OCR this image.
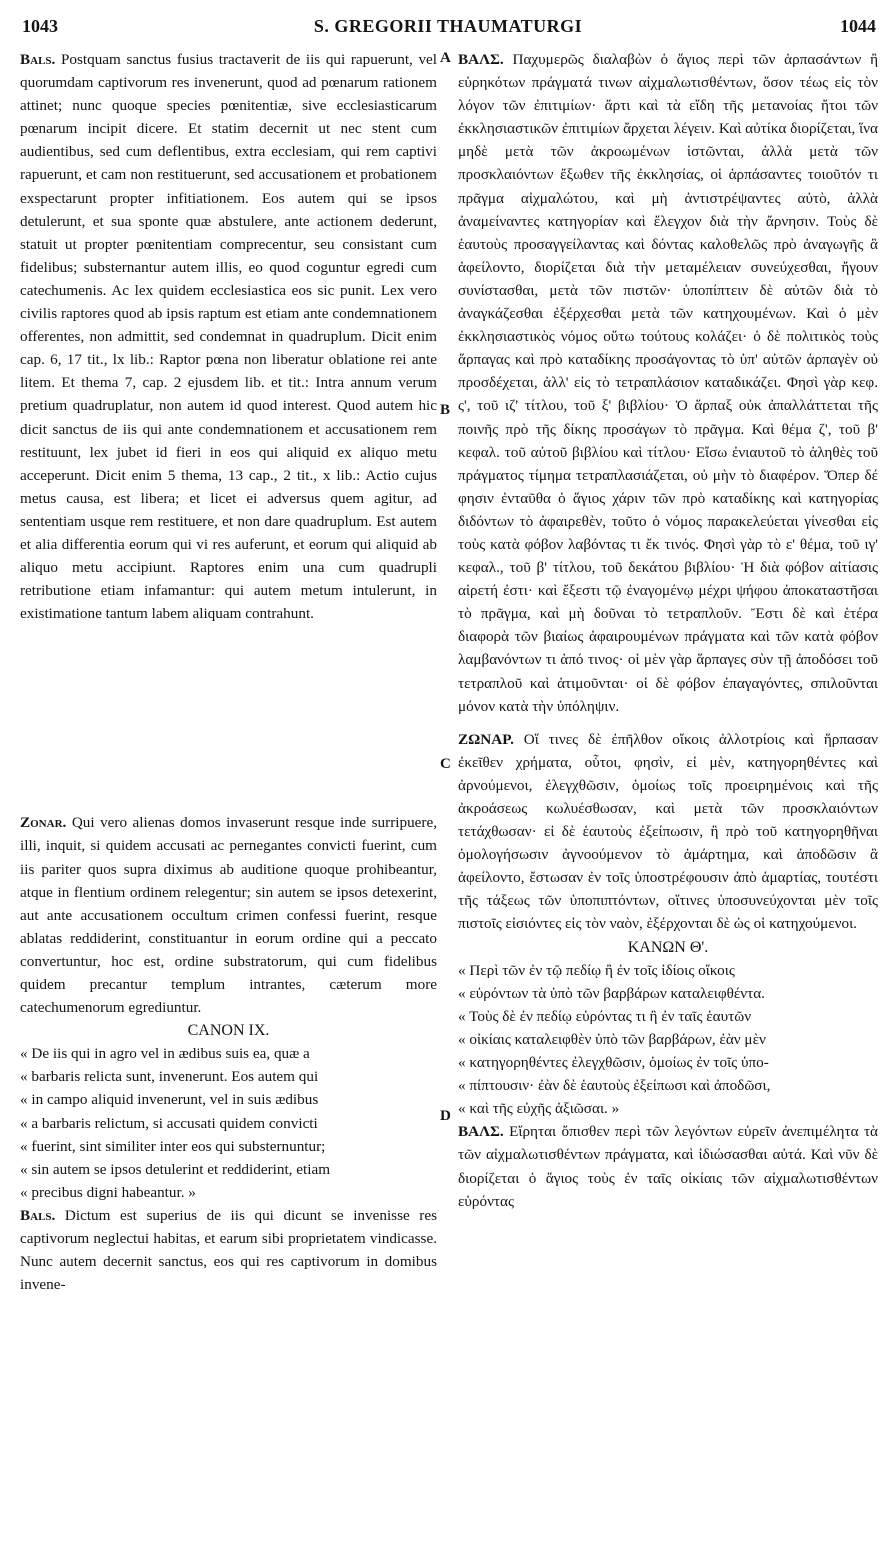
1043	S. GREGORII THAUMATURGI	1044
A
B
C
D

Bals. Postquam sanctus fusius tractaverit de iis qui rapuerunt, vel quorumdam captivorum res invenerunt, quod ad pœnarum rationem attinet; nunc quoque species pœnitentiæ, sive ecclesiasticarum pœnarum incipit dicere. Et statim decernit ut nec stent cum audientibus, sed cum deflentibus, extra ecclesiam, qui rem captivi rapuerunt, et cam non restituerunt, sed accusationem et probationem exspectarunt propter infitiationem. Eos autem qui se ipsos detulerunt, et sua sponte quæ abstulere, ante actionem dederunt, statuit ut propter pœnitentiam comprecentur, seu consistant cum fidelibus; substernantur autem illis, eo quod coguntur egredi cum catechumenis. Ac lex quidem ecclesiastica eos sic punit. Lex vero civilis raptores quod ab ipsis raptum est etiam ante condemnationem offerentes, non admittit, sed condemnat in quadruplum. Dicit enim cap. 6, 17 tit., lx lib.: Raptor pœna non liberatur oblatione rei ante litem. Et thema 7, cap. 2 ejusdem lib. et tit.: Intra annum verum pretium quadruplatur, non autem id quod interest. Quod autem hic dicit sanctus de iis qui ante condemnationem et accusationem rem restituunt, lex jubet id fieri in eos qui aliquid ex aliquo metu acceperunt. Dicit enim 5 thema, 13 cap., 2 tit., x lib.: Actio cujus metus causa, est libera; et licet ei adversus quem agitur, ad sententiam usque rem restituere, et non dare quadruplum. Est autem et alia differentia eorum qui vi res auferunt, et eorum qui aliquid ab aliquo metu accipiunt. Raptores enim una cum quadrupli retributione etiam infamantur: qui autem metum intulerunt, in existimatione tantum labem aliquam contrahunt.

Zonar. Qui vero alienas domos invaserunt resque inde surripuere, illi, inquit, si quidem accusati ac pernegantes convicti fuerint, cum iis pariter quos supra diximus ab auditione quoque prohibeantur, atque in flentium ordinem relegentur; sin autem se ipsos detexerint, aut ante accusationem occultum crimen confessi fuerint, resque ablatas reddiderint, constituantur in eorum ordine qui a peccato convertuntur, hoc est, ordine substratorum, qui cum fidelibus quidem precantur templum intrantes, cæterum more catechumenorum egrediuntur.

CANON IX.

« De iis qui in agro vel in ædibus suis ea, quæ a
« barbaris relicta sunt, invenerunt. Eos autem qui
« in campo aliquid invenerunt, vel in suis ædibus
« a barbaris relictum, si accusati quidem convicti
« fuerint, sint similiter inter eos qui substernuntur;
« sin autem se ipsos detulerint et reddiderint, etiam
« precibus digni habeantur. »

Bals. Dictum est superius de iis qui dicunt se invenisse res captivorum neglectui habitas, et earum sibi proprietatem vindicasse. Nunc autem decernit sanctus, eos qui res captivorum in domibus invene-

ΒΑΛΣ. Παχυμερῶς διαλαβὼν ὁ ἅγιος περὶ τῶν ἁρπασάντων ἢ εὑρηκότων πράγματά τινων αἰχμαλωτισθέντων, ὅσον τέως εἰς τὸν λόγον τῶν ἐπιτιμίων· ἄρτι καὶ τὰ εἴδη τῆς μετανοίας ἤτοι τῶν ἐκκλησιαστικῶν ἐπιτιμίων ἄρχεται λέγειν. Καὶ αὐτίκα διορίζεται, ἵνα μηδὲ μετὰ τῶν ἀκροωμένων ἱστῶνται, ἀλλὰ μετὰ τῶν προσκλαιόντων ἔξωθεν τῆς ἐκκλησίας, οἱ ἁρπάσαντες τοιοῦτόν τι πρᾶγμα αἰχμαλώτου, καὶ μὴ ἀντιστρέψαντες αὐτὸ, ἀλλὰ ἀναμείναντες κατηγορίαν καὶ ἔλεγχον διὰ τὴν ἄρνησιν. Τοὺς δὲ ἑαυτοὺς προσαγγείλαντας καὶ δόντας καλοθελῶς πρὸ ἀναγωγῆς ἃ ἀφείλοντο, διορίζεται διὰ τὴν μεταμέλειαν συνεύχεσθαι, ἤγουν συνίστασθαι, μετὰ τῶν πιστῶν· ὑποπίπτειν δὲ αὐτῶν διὰ τὸ ἀναγκάζεσθαι ἐξέρχεσθαι μετὰ τῶν κατηχουμένων. Καὶ ὁ μὲν ἐκκλησιαστικὸς νόμος οὕτω τούτους κολάζει· ὁ δὲ πολιτικὸς τοὺς ἅρπαγας καὶ πρὸ καταδίκης προσάγοντας τὸ ὑπ' αὐτῶν ἁρπαγὲν οὐ προσδέχεται, ἀλλ' εἰς τὸ τετραπλάσιον καταδικάζει. Φησὶ γὰρ κεφ. ς', τοῦ ιζ' τίτλου, τοῦ ξ' βιβλίου· Ὁ ἅρπαξ οὐκ ἀπαλλάττεται τῆς ποινῆς πρὸ τῆς δίκης προσάγων τὸ πρᾶγμα. Καὶ θέμα ζ', τοῦ β' κεφαλ. τοῦ αὐτοῦ βιβλίου καὶ τίτλου· Εἴσω ἐνιαυτοῦ τὸ ἀληθὲς τοῦ πράγματος τίμημα τετραπλασιάζεται, οὐ μὴν τὸ διαφέρον. Ὅπερ δέ φησιν ἐνταῦθα ὁ ἅγιος χάριν τῶν πρὸ καταδίκης καὶ κατηγορίας διδόντων τὸ ἀφαιρεθὲν, τοῦτο ὁ νόμος παρακελεύεται γίνεσθαι εἰς τοὺς κατὰ φόβον λαβόντας τι ἔκ τινός. Φησὶ γὰρ τὸ ε' θέμα, τοῦ ιγ' κεφαλ., τοῦ β' τίτλου, τοῦ δεκάτου βιβλίου· Ἡ διὰ φόβον αἰτίασις αἱρετή ἐστι· καὶ ἔξεστι τῷ ἐναγομένῳ μέχρι ψήφου ἀποκαταστῆσαι τὸ πρᾶγμα, καὶ μὴ δοῦναι τὸ τετραπλοῦν. Ἔστι δὲ καὶ ἑτέρα διαφορὰ τῶν βιαίως ἀφαιρουμένων πράγματα καὶ τῶν κατὰ φόβον λαμβανόντων τι ἀπό τινος· οἱ μὲν γὰρ ἅρπαγες σὺν τῇ ἀποδόσει τοῦ τετραπλοῦ καὶ ἀτιμοῦνται· οἱ δὲ φόβον ἐπαγαγόντες, σπιλοῦνται μόνον κατὰ τὴν ὑπόληψιν.

ΖΩΝΑΡ. Οἵ τινες δὲ ἐπῆλθον οἴκοις ἀλλοτρίοις καὶ ἥρπασαν ἐκεῖθεν χρήματα, οὗτοι, φησὶν, εἰ μὲν, κατηγορηθέντες καὶ ἀρνούμενοι, ἐλεγχθῶσιν, ὁμοίως τοῖς προειρημένοις καὶ τῆς ἀκροάσεως κωλυέσθωσαν, καὶ μετὰ τῶν προσκλαιόντων τετάχθωσαν· εἰ δὲ ἑαυτοὺς ἐξείπωσιν, ἢ πρὸ τοῦ κατηγορηθῆναι ὁμολογήσωσιν ἀγνοούμενον τὸ ἁμάρτημα, καὶ ἀποδῶσιν ἃ ἀφείλοντο, ἔστωσαν ἐν τοῖς ὑποστρέφουσιν ἀπὸ ἁμαρτίας, τουτέστι τῆς τάξεως τῶν ὑποπιπτόντων, οἵτινες ὑποσυνεύχονται μὲν τοῖς πιστοῖς εἰσιόντες εἰς τὸν ναὸν, ἐξέρχονται δὲ ὡς οἱ κατηχούμενοι.

ΚΑΝΩΝ Θ'.

« Περὶ τῶν ἐν τῷ πεδίῳ ἢ ἐν τοῖς ἰδίοις οἴκοις
« εὑρόντων τὰ ὑπὸ τῶν βαρβάρων καταλειφθέντα.
« Τοὺς δὲ ἐν πεδίῳ εὑρόντας τι ἢ ἐν ταῖς ἑαυτῶν
« οἰκίαις καταλειφθὲν ὑπὸ τῶν βαρβάρων, ἐὰν μὲν
« κατηγορηθέντες ἐλεγχθῶσιν, ὁμοίως ἐν τοῖς ὑπο-
« πίπτουσιν· ἐὰν δὲ ἑαυτοὺς ἐξείπωσι καὶ ἀποδῶσι,
« καὶ τῆς εὐχῆς ἀξιῶσαι. »

ΒΑΛΣ. Εἴρηται ὄπισθεν περὶ τῶν λεγόντων εὑρεῖν ἀνεπιμέλητα τὰ τῶν αἰχμαλωτισθέντων πράγματα, καὶ ἰδιώσασθαι αὐτά. Καὶ νῦν δὲ διορίζεται ὁ ἅγιος τοὺς ἐν ταῖς οἰκίαις τῶν αἰχμαλωτισθέντων εὑρόντας
